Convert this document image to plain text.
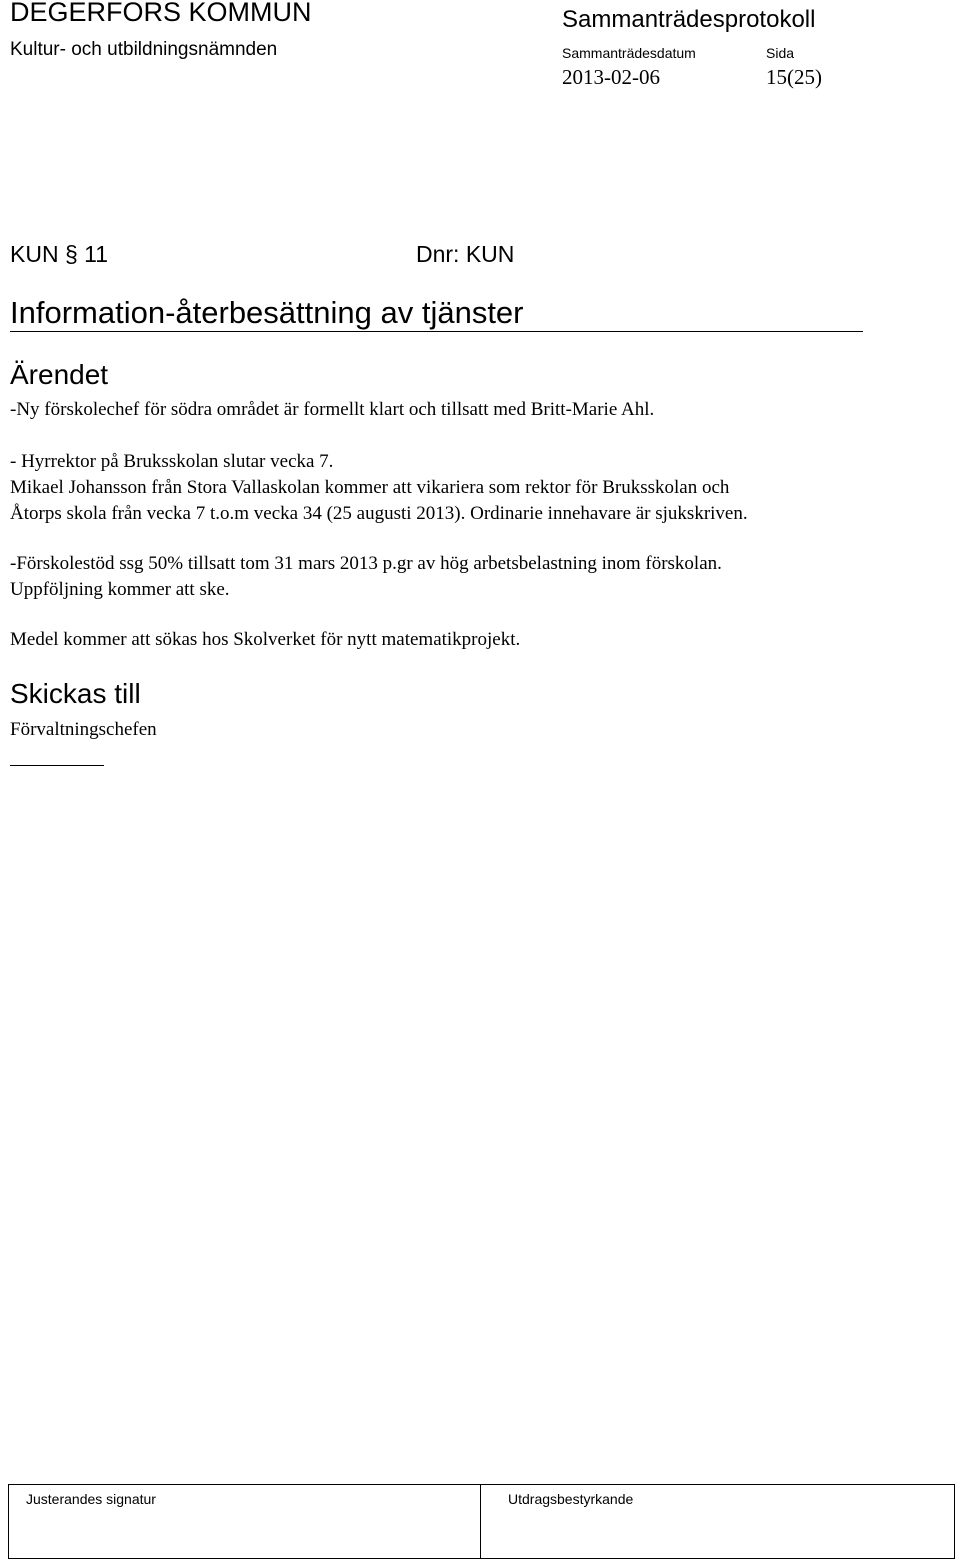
DEGERFORS KOMMUN
Kultur- och utbildningsnämnden
Sammanträdesprotokoll
Sammanträdesdatum	Sida
2013-02-06	15(25)
KUN § 11	Dnr: KUN
Information-återbesättning av tjänster
Ärendet
-Ny förskolechef för södra området är formellt klart och tillsatt med Britt-Marie Ahl.
- Hyrrektor på Bruksskolan slutar vecka 7.
Mikael Johansson från Stora Vallaskolan kommer att vikariera som rektor för Bruksskolan och
Åtorps skola från vecka 7 t.o.m vecka 34 (25 augusti 2013). Ordinarie innehavare är sjukskriven.
-Förskolestöd ssg 50% tillsatt tom 31 mars 2013 p.gr av hög arbetsbelastning inom förskolan.
Uppföljning kommer att ske.
Medel kommer att sökas hos Skolverket för nytt matematikprojekt.
Skickas till
Förvaltningschefen
Justerandes signatur	Utdragsbestyrkande
